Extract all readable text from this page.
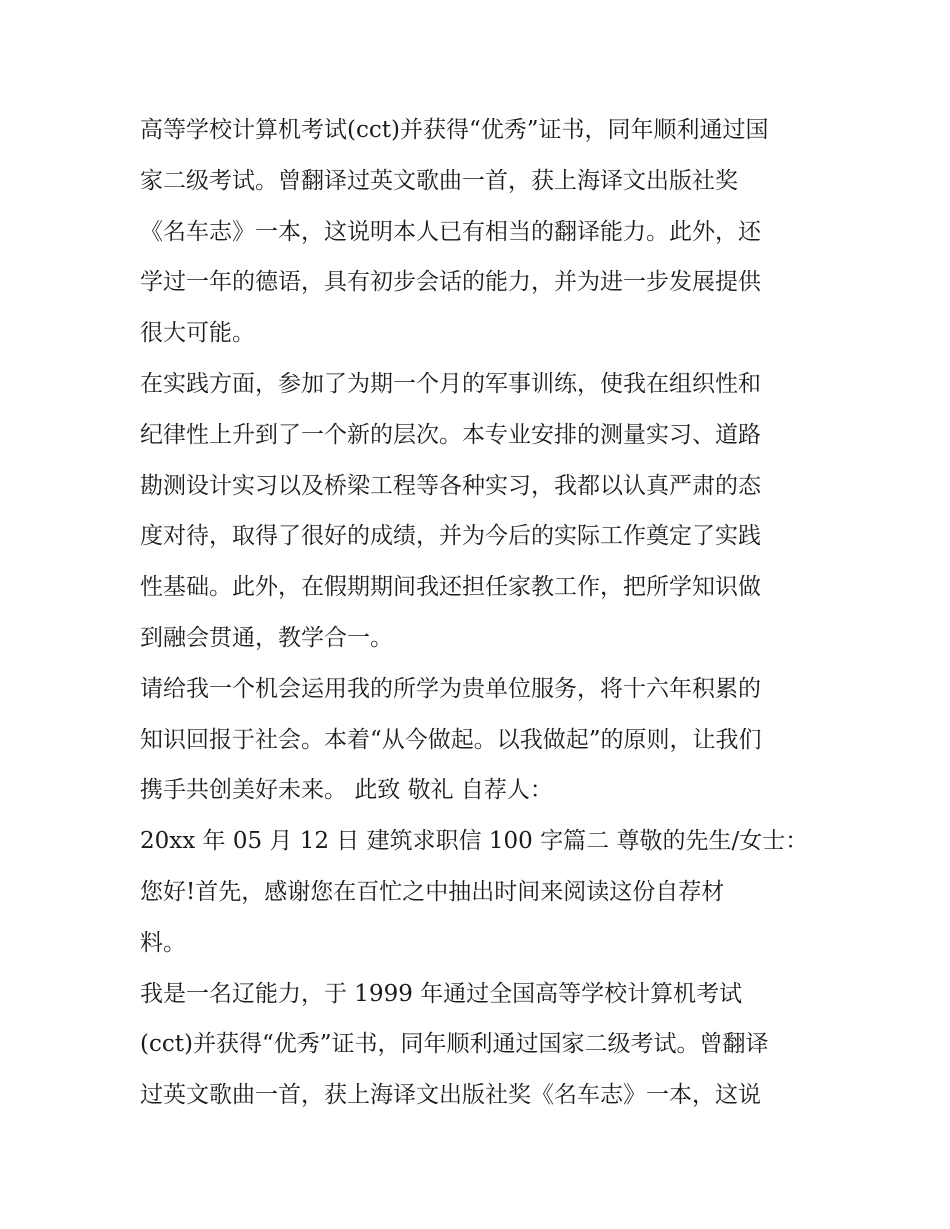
高等学校计算机考试(cct)并获得“优秀”证书，同年顺利通过国
家二级考试。曾翻译过英文歌曲一首，获上海译文出版社奖
《名车志》一本，这说明本人已有相当的翻译能力。此外，还
学过一年的德语，具有初步会话的能力，并为进一步发展提供
很大可能。
在实践方面，参加了为期一个月的军事训练，使我在组织性和
纪律性上升到了一个新的层次。本专业安排的测量实习、道路
勘测设计实习以及桥梁工程等各种实习，我都以认真严肃的态
度对待，取得了很好的成绩，并为今后的实际工作奠定了实践
性基础。此外，在假期期间我还担任家教工作，把所学知识做
到融会贯通，教学合一。
请给我一个机会运用我的所学为贵单位服务，将十六年积累的
知识回报于社会。本着“从今做起。以我做起”的原则，让我们
携手共创美好未来。 此致 敬礼 自荐人：
20xx 年 05 月 12 日 建筑求职信 100 字篇二 尊敬的先生/女士：
您好!首先，感谢您在百忙之中抽出时间来阅读这份自荐材
料。
我是一名辽能力，于 1999 年通过全国高等学校计算机考试
(cct)并获得“优秀”证书，同年顺利通过国家二级考试。曾翻译
过英文歌曲一首，获上海译文出版社奖《名车志》一本，这说
